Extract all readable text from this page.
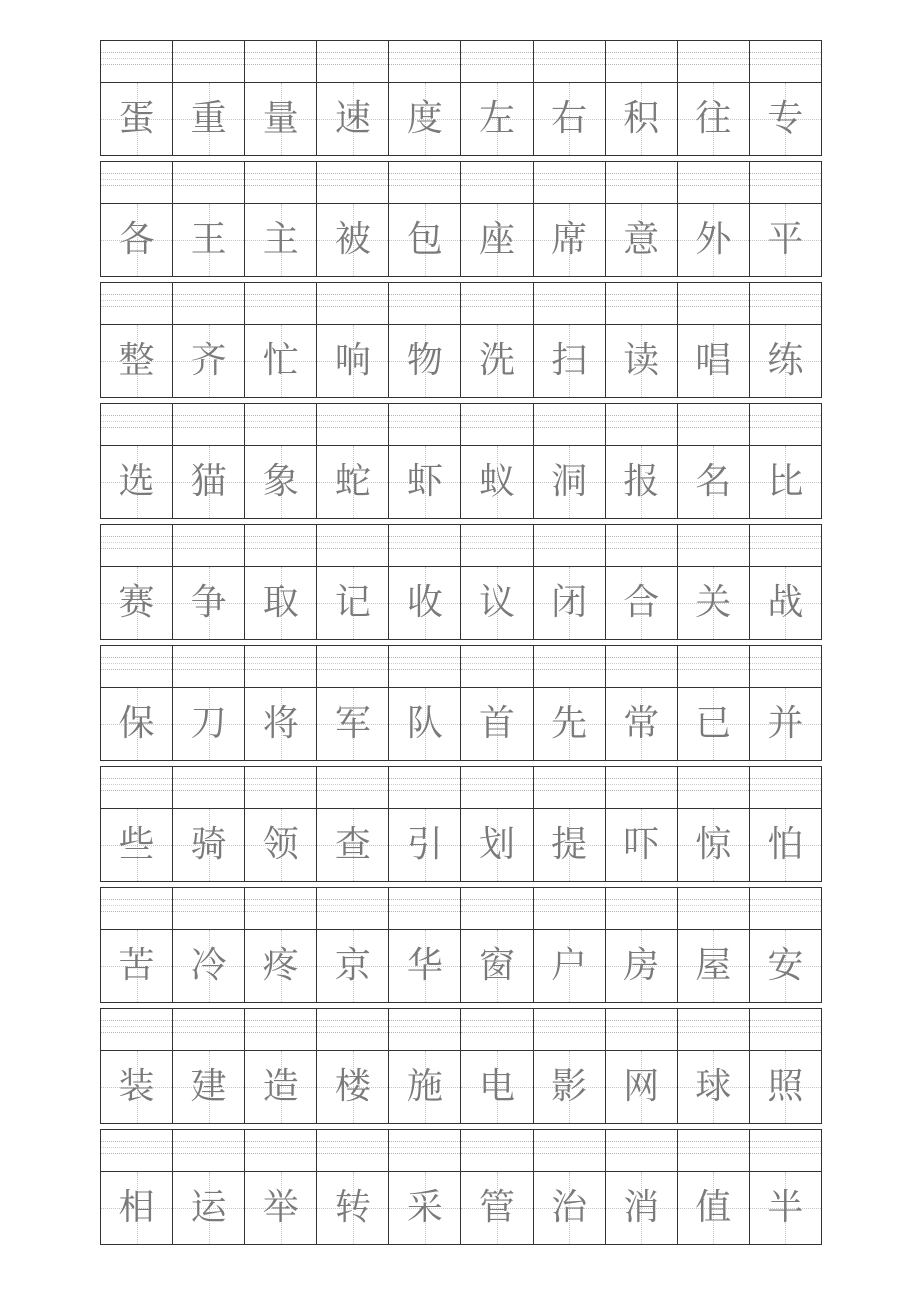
蛋 重 量 速 度 左 右 积 往 专
各 王 主 被 包 座 席 意 外 平
整 齐 忙 响 物 洗 扫 读 唱 练
选 猫 象 蛇 虾 蚁 洞 报 名 比
赛 争 取 记 收 议 闭 合 关 战
保 刀 将 军 队 首 先 常 已 并
些 骑 领 查 引 划 提 吓 惊 怕
苦 冷 疼 京 华 窗 户 房 屋 安
装 建 造 楼 施 电 影 网 球 照
相 运 举 转 采 管 治 消 值 半
